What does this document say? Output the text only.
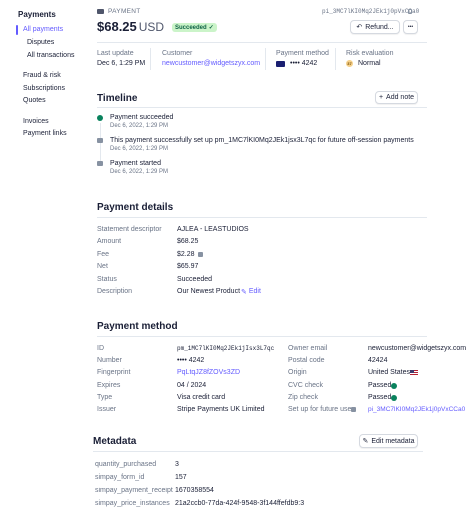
Payments
All payments
Disputes
All transactions
Fraud & risk
Subscriptions
Quotes
Invoices
Payment links
PAYMENT	pi_3MC7lKI0Mq2JEk1j0pVxCCa0
$68.25 USD Succeeded ✓	↶ Refund...	•••
Last update
Dec 6, 1:29 PM
Customer
newcustomer@widgetszyx.com
Payment method
•••• 4242
Risk evaluation
37 Normal
Timeline	+ Add note
Payment succeeded
Dec 6, 2022, 1:29 PM
This payment successfully set up pm_1MC7lKI0Mq2JEk1jsx3L7qc for future off-session payments
Dec 6, 2022, 1:29 PM
Payment started
Dec 6, 2022, 1:29 PM
Payment details
Statement descriptor AJLEA - LEASTUDIOS
Amount	$68.25
Fee	$2.28
Net	$65.97
Status	Succeeded
Description	Our Newest Product ✎ Edit
Payment method
ID	pm_1MC7lKI0Mq2JEk1jIsx3L7qc
Number	•••• 4242
Fingerprint	PqLtqJZ8fZOVs3ZD
Expires	04 / 2024
Type	Visa credit card
Issuer	Stripe Payments UK Limited
Owner email	newcustomer@widgetszyx.com
Postal code	42424
Origin	United States
CVC check	Passed
Zip check	Passed
Set up for future use	pi_3MC7lKI0Mq2JEk1j0pVxCCa0
Metadata	✎ Edit metadata
quantity_purchased	3
simpay_form_id	157
simpay_payment_receipt 1670358554
simpay_price_instances 21a2ccb0-77da-424f-9548-3f144ffefdb9:3
